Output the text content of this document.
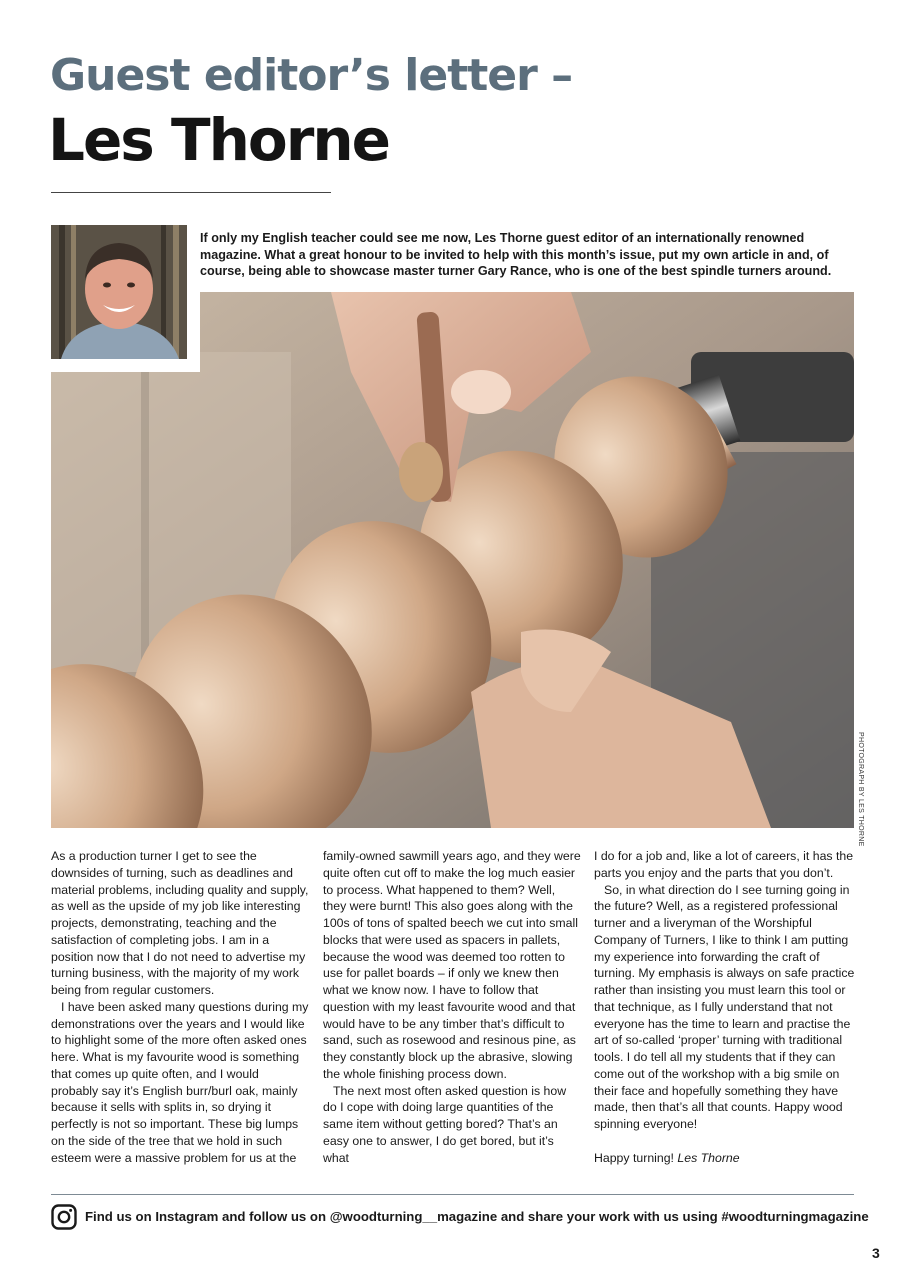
Guest editor’s letter –
Les Thorne
If only my English teacher could see me now, Les Thorne guest editor of an internationally renowned magazine. What a great honour to be invited to help with this month’s issue, put my own article in and, of course, being able to showcase master turner Gary Rance, who is one of the best spindle turners around.
PHOTOGRAPH BY LES THORNE

As a production turner I get to see the downsides of turning, such as deadlines and material problems, including quality and supply, as well as the upside of my job like interesting projects, demonstrating, teaching and the satisfaction of completing jobs. I am in a position now that I do not need to advertise my turning business, with the majority of my work being from regular customers.

I have been asked many questions during my demonstrations over the years and I would like to highlight some of the more often asked ones here. What is my favourite wood is something that comes up quite often, and I would probably say it’s English burr/burl oak, mainly because it sells with splits in, so drying it perfectly is not so important. These big lumps on the side of the tree that we hold in such esteem were a massive problem for us at the

family-owned sawmill years ago, and they were quite often cut off to make the log much easier to process. What happened to them? Well, they were burnt! This also goes along with the 100s of tons of spalted beech we cut into small blocks that were used as spacers in pallets, because the wood was deemed too rotten to use for pallet boards – if only we knew then what we know now. I have to follow that question with my least favourite wood and that would have to be any timber that’s difficult to sand, such as rosewood and resinous pine, as they constantly block up the abrasive, slowing the whole finishing process down.

The next most often asked question is how do I cope with doing large quantities of the same item without getting bored? That’s an easy one to answer, I do get bored, but it’s what

I do for a job and, like a lot of careers, it has the parts you enjoy and the parts that you don’t.

So, in what direction do I see turning going in the future? Well, as a registered professional turner and a liveryman of the Worshipful Company of Turners, I like to think I am putting my experience into forwarding the craft of turning. My emphasis is always on safe practice rather than insisting you must learn this tool or that technique, as I fully understand that not everyone has the time to learn and practise the art of so-called ‘proper’ turning with traditional tools. I do tell all my students that if they can come out of the workshop with a big smile on their face and hopefully something they have made, then that’s all that counts. Happy wood spinning everyone!

Happy turning! Les Thorne

Find us on Instagram and follow us on @woodturning__magazine and share your work with us using #woodturningmagazine
3
